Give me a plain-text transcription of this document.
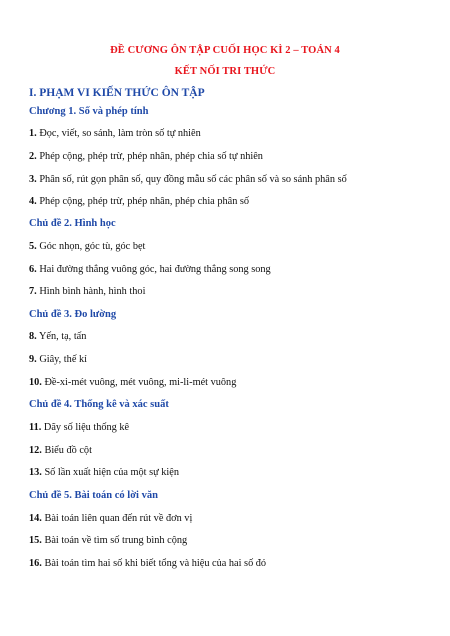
ĐỀ CƯƠNG ÔN TẬP CUỐI HỌC KÌ 2 – TOÁN 4
KẾT NỐI TRI THỨC
I. PHẠM VI KIẾN THỨC ÔN TẬP
Chương 1. Số và phép tính
1. Đọc, viết, so sánh, làm tròn số tự nhiên
2. Phép cộng, phép trừ, phép nhân, phép chia số tự nhiên
3. Phân số, rút gọn phân số, quy đồng mẫu số các phân số và so sánh phân số
4. Phép cộng, phép trừ, phép nhân, phép chia phân số
Chủ đề 2. Hình học
5. Góc nhọn, góc tù, góc bẹt
6. Hai đường thẳng vuông góc, hai đường thẳng song song
7. Hình bình hành, hình thoi
Chủ đề 3. Đo lường
8. Yến, tạ, tấn
9. Giây, thế kỉ
10. Đề-xi-mét vuông, mét vuông, mi-li-mét vuông
Chủ đề 4. Thống kê và xác suất
11. Dãy số liệu thống kê
12. Biểu đồ cột
13. Số lần xuất hiện của một sự kiện
Chủ đề 5. Bài toán có lời văn
14. Bài toán liên quan đến rút về đơn vị
15. Bài toán về tìm số trung bình cộng
16. Bài toán tìm hai số khi biết tổng và hiệu của hai số đó
